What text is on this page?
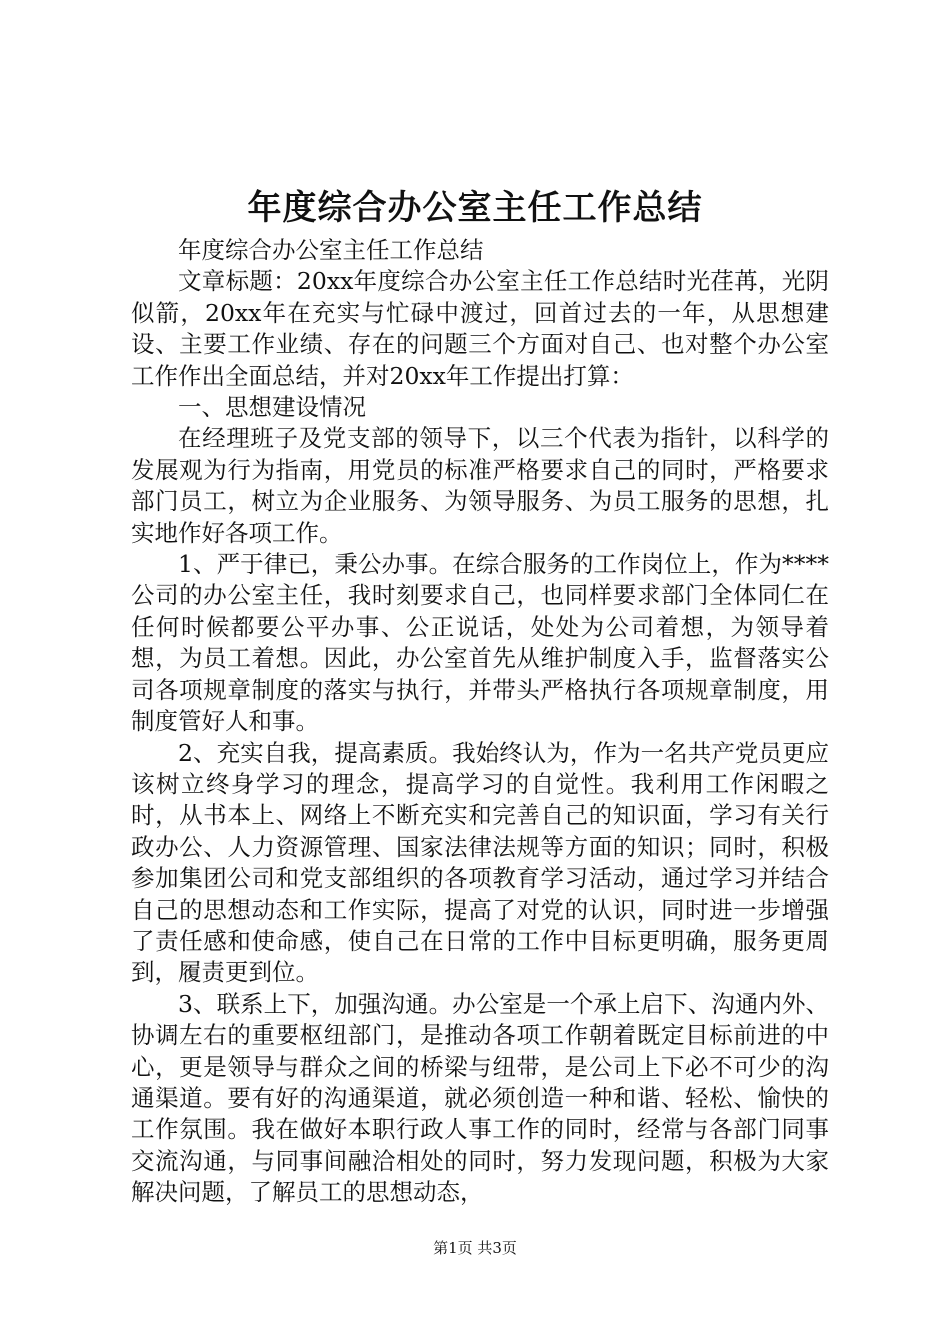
年度综合办公室主任工作总结

年度综合办公室主任工作总结

文章标题：20xx年度综合办公室主任工作总结时光荏苒，光阴似箭，20xx年在充实与忙碌中渡过，回首过去的一年，从思想建设、主要工作业绩、存在的问题三个方面对自己、也对整个办公室工作作出全面总结，并对20xx年工作提出打算：

一、思想建设情况

在经理班子及党支部的领导下，以三个代表为指针，以科学的发展观为行为指南，用党员的标准严格要求自己的同时，严格要求部门员工，树立为企业服务、为领导服务、为员工服务的思想，扎实地作好各项工作。

1、严于律已，秉公办事。在综合服务的工作岗位上，作为****公司的办公室主任，我时刻要求自己，也同样要求部门全体同仁在任何时候都要公平办事、公正说话，处处为公司着想，为领导着想，为员工着想。因此，办公室首先从维护制度入手，监督落实公司各项规章制度的落实与执行，并带头严格执行各项规章制度，用制度管好人和事。

2、充实自我，提高素质。我始终认为，作为一名共产党员更应该树立终身学习的理念，提高学习的自觉性。我利用工作闲暇之时，从书本上、网络上不断充实和完善自己的知识面，学习有关行政办公、人力资源管理、国家法律法规等方面的知识；同时，积极参加集团公司和党支部组织的各项教育学习活动，通过学习并结合自己的思想动态和工作实际，提高了对党的认识，同时进一步增强了责任感和使命感，使自己在日常的工作中目标更明确，服务更周到，履责更到位。

3、联系上下，加强沟通。办公室是一个承上启下、沟通内外、协调左右的重要枢纽部门，是推动各项工作朝着既定目标前进的中心，更是领导与群众之间的桥梁与纽带，是公司上下必不可少的沟通渠道。要有好的沟通渠道，就必须创造一种和谐、轻松、愉快的工作氛围。我在做好本职行政人事工作的同时，经常与各部门同事交流沟通，与同事间融洽相处的同时，努力发现问题，积极为大家解决问题，了解员工的思想动态，

第1页 共3页
